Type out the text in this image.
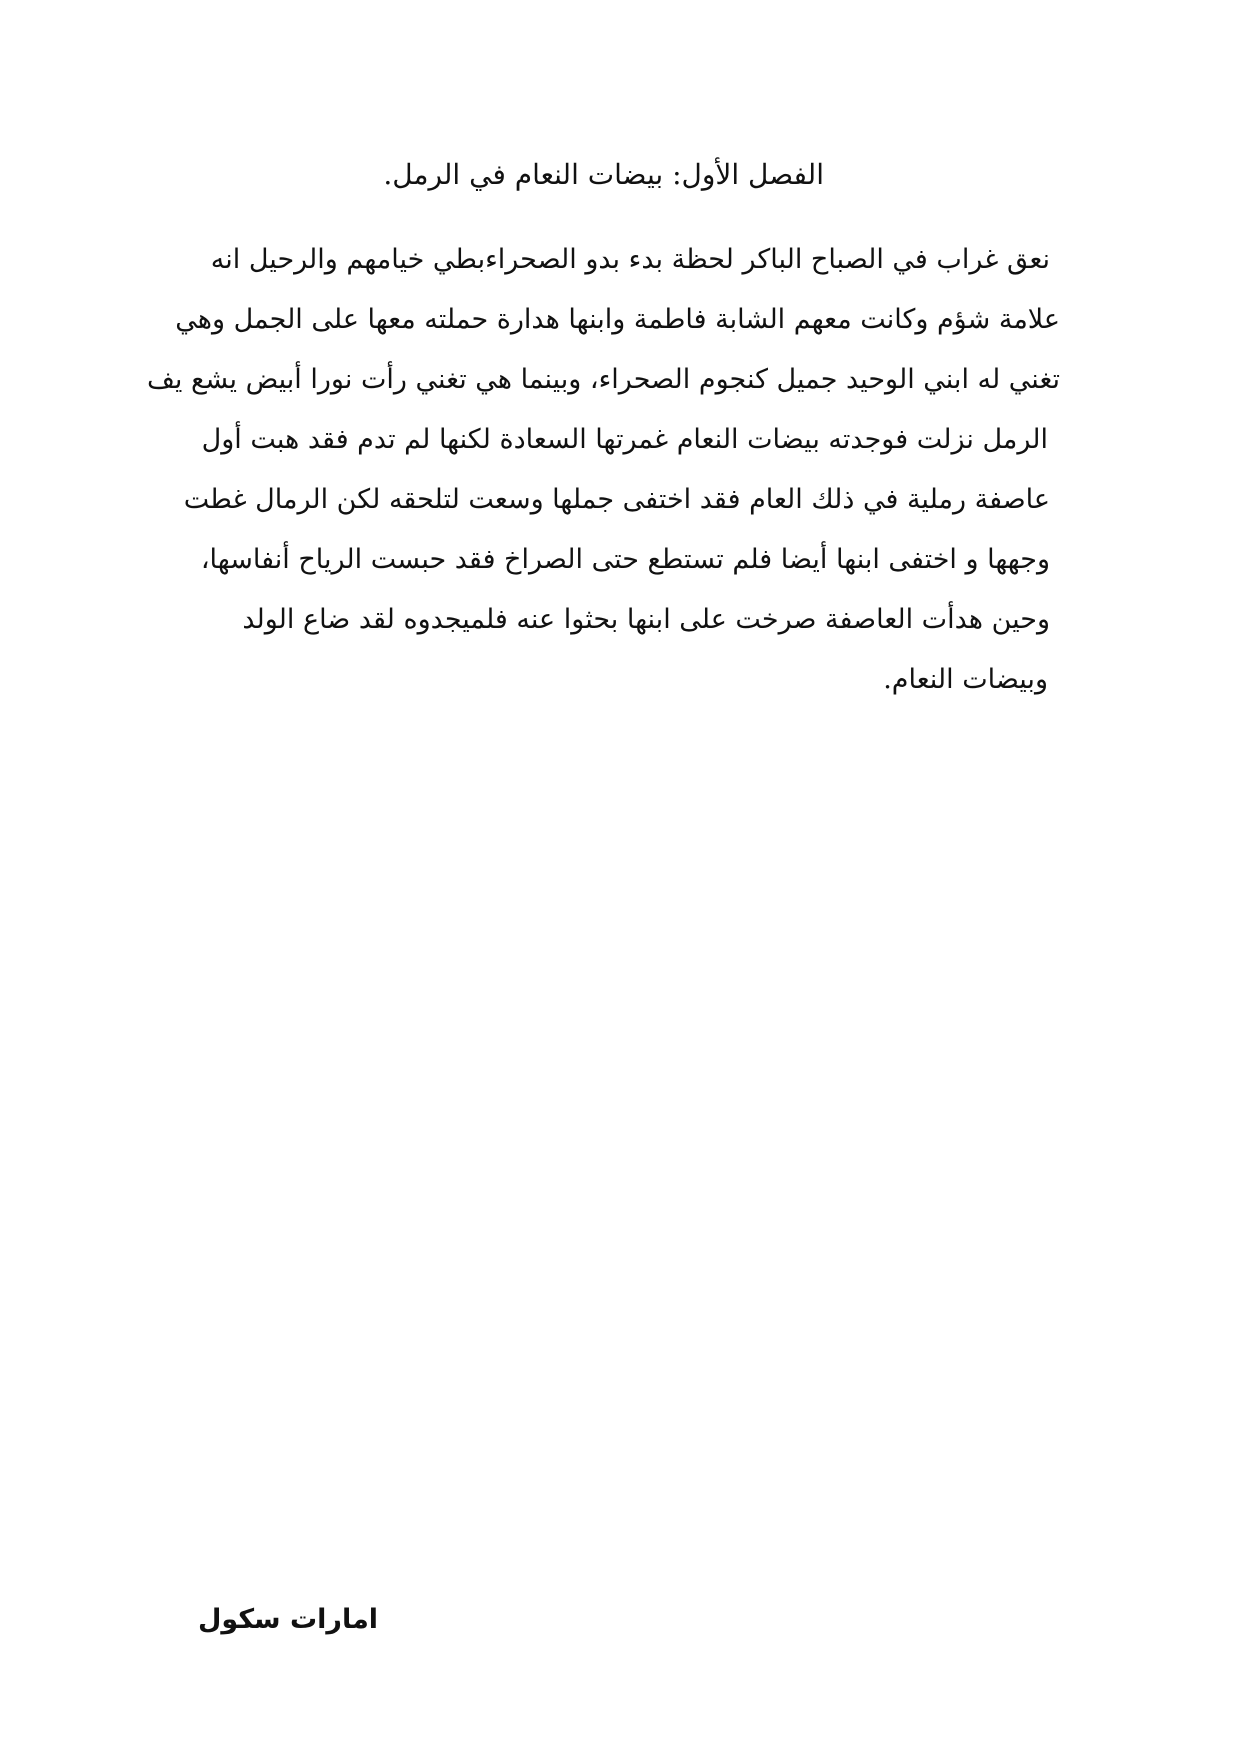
الفصل الأول: بيضات النعام في الرمل.
نعق غراب في الصباح الباكر لحظة بدء بدو الصحراءبطي خيامهم والرحيل انه
علامة شؤم وكانت معهم الشابة فاطمة وابنها هدارة حملته معها على الجمل وهي
تغني له ابني الوحيد جميل كنجوم الصحراء، وبينما هي تغني رأت نورا أبيض يشع يف
الرمل نزلت فوجدته بيضات النعام غمرتها السعادة لكنها لم تدم فقد هبت أول
عاصفة رملية في ذلك العام فقد اختفى جملها وسعت لتلحقه لكن الرمال غطت
وجهها و اختفى ابنها أيضا فلم تستطع حتى الصراخ فقد حبست الرياح أنفاسها،
وحين هدأت العاصفة صرخت على ابنها بحثوا عنه فلميجدوه لقد ضاع الولد
وبيضات النعام.
امارات سكول
